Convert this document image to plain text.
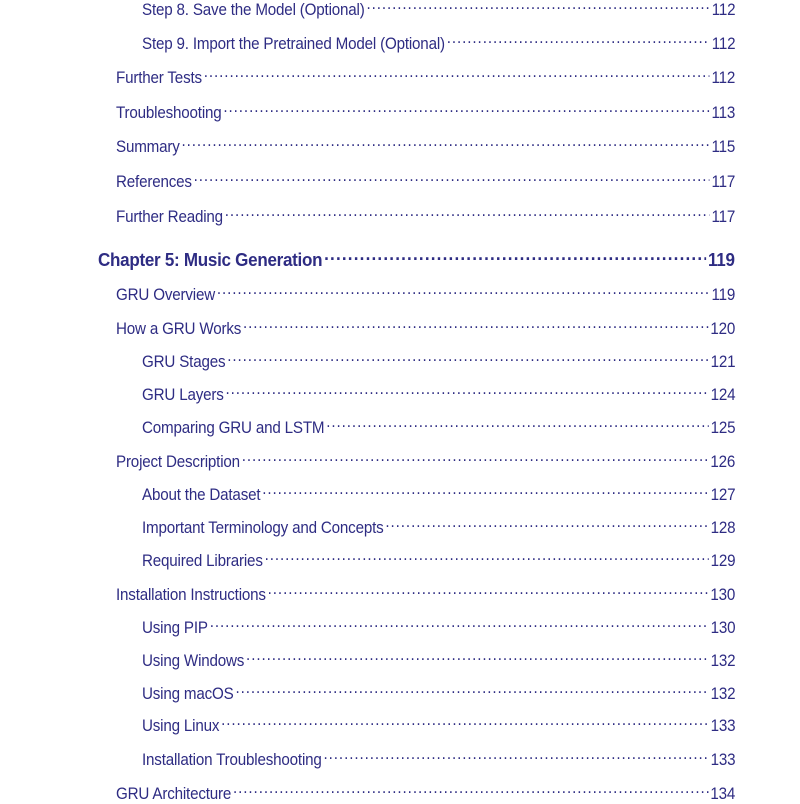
Step 8. Save the Model (Optional) .....	112
Step 9. Import the Pretrained Model (Optional) .....	112
Further Tests .....	112
Troubleshooting .....	113
Summary .....	115
References .....	117
Further Reading .....	117
Chapter 5: Music Generation .....	119
GRU Overview .....	119
How a GRU Works .....	120
GRU Stages .....	121
GRU Layers .....	124
Comparing GRU and LSTM .....	125
Project Description .....	126
About the Dataset .....	127
Important Terminology and Concepts .....	128
Required Libraries .....	129
Installation Instructions .....	130
Using PIP .....	130
Using Windows .....	132
Using macOS .....	132
Using Linux .....	133
Installation Troubleshooting .....	133
GRU Architecture .....	134
